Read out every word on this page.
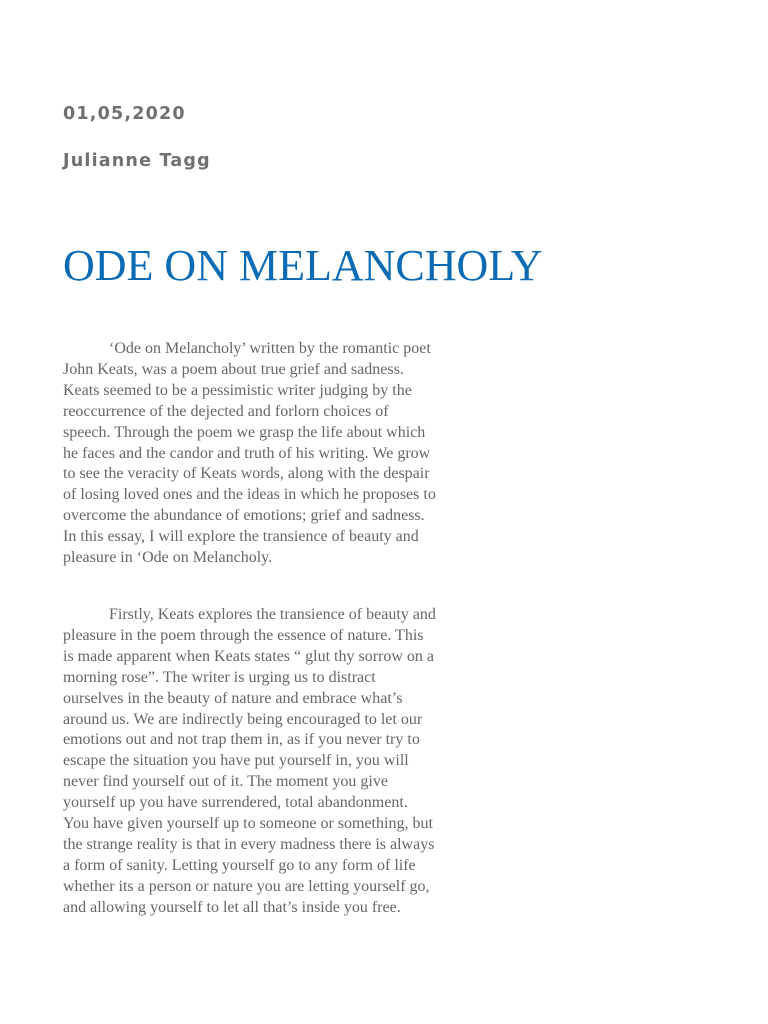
01,05,2020

Julianne Tagg

ODE ON MELANCHOLY

‘Ode on Melancholy’ written by the romantic poet
John Keats, was a poem about true grief and sadness.
Keats seemed to be a pessimistic writer judging by the
reoccurrence of the dejected and forlorn choices of
speech. Through the poem we grasp the life about which
he faces and the candor and truth of his writing. We grow
to see the veracity of Keats words, along with the despair
of losing loved ones and the ideas in which he proposes to
overcome the abundance of emotions; grief and sadness.
In this essay, I will explore the transience of beauty and
pleasure in ‘Ode on Melancholy.

Firstly, Keats explores the transience of beauty and
pleasure in the poem through the essence of nature. This
is made apparent when Keats states “ glut thy sorrow on a
morning rose”. The writer is urging us to distract
ourselves in the beauty of nature and embrace what’s
around us. We are indirectly being encouraged to let our
emotions out and not trap them in, as if you never try to
escape the situation you have put yourself in, you will
never find yourself out of it. The moment you give
yourself up you have surrendered, total abandonment.
You have given yourself up to someone or something, but
the strange reality is that in every madness there is always
a form of sanity. Letting yourself go to any form of life
whether its a person or nature you are letting yourself go,
and allowing yourself to let all that’s inside you free.
